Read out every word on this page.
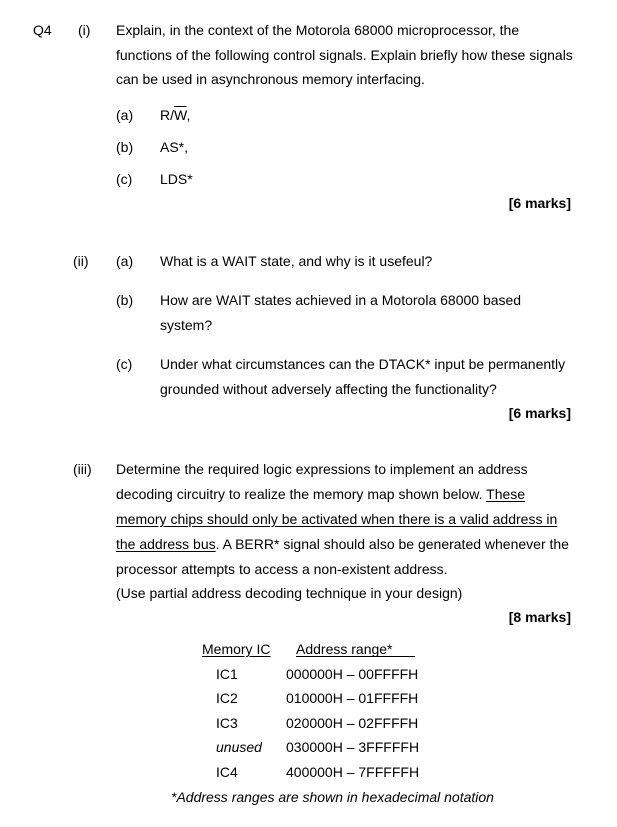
Q4 (i) Explain, in the context of the Motorola 68000 microprocessor, the
functions of the following control signals. Explain briefly how these signals
can be used in asynchronous memory interfacing.
(a) $R/\overline{W}$,
(b) AS*,
(c) LDS*
[6 marks]
(ii) (a) What is a WAIT state, and why is it usefeul?
(b) How are WAIT states achieved in a Motorola 68000 based
system?
(c) Under what circumstances can the DTACK* input be permanently
grounded without adversely affecting the functionality?
[6 marks]
(iii) Determine the required logic expressions to implement an address
decoding circuitry to realize the memory map shown below. These
memory chips should only be activated when there is a valid address in
the address bus. A BERR* signal should also be generated whenever the
processor attempts to access a non-existent address.
(Use partial address decoding technique in your design)
[8 marks]
Memory IC Address range*
IC1	000000H – 00FFFFH
IC2	010000H – 01FFFFH
IC3	020000H – 02FFFFH
unused 030000H – 3FFFFFH
IC4	400000H – 7FFFFFH
*Address ranges are shown in hexadecimal notation
